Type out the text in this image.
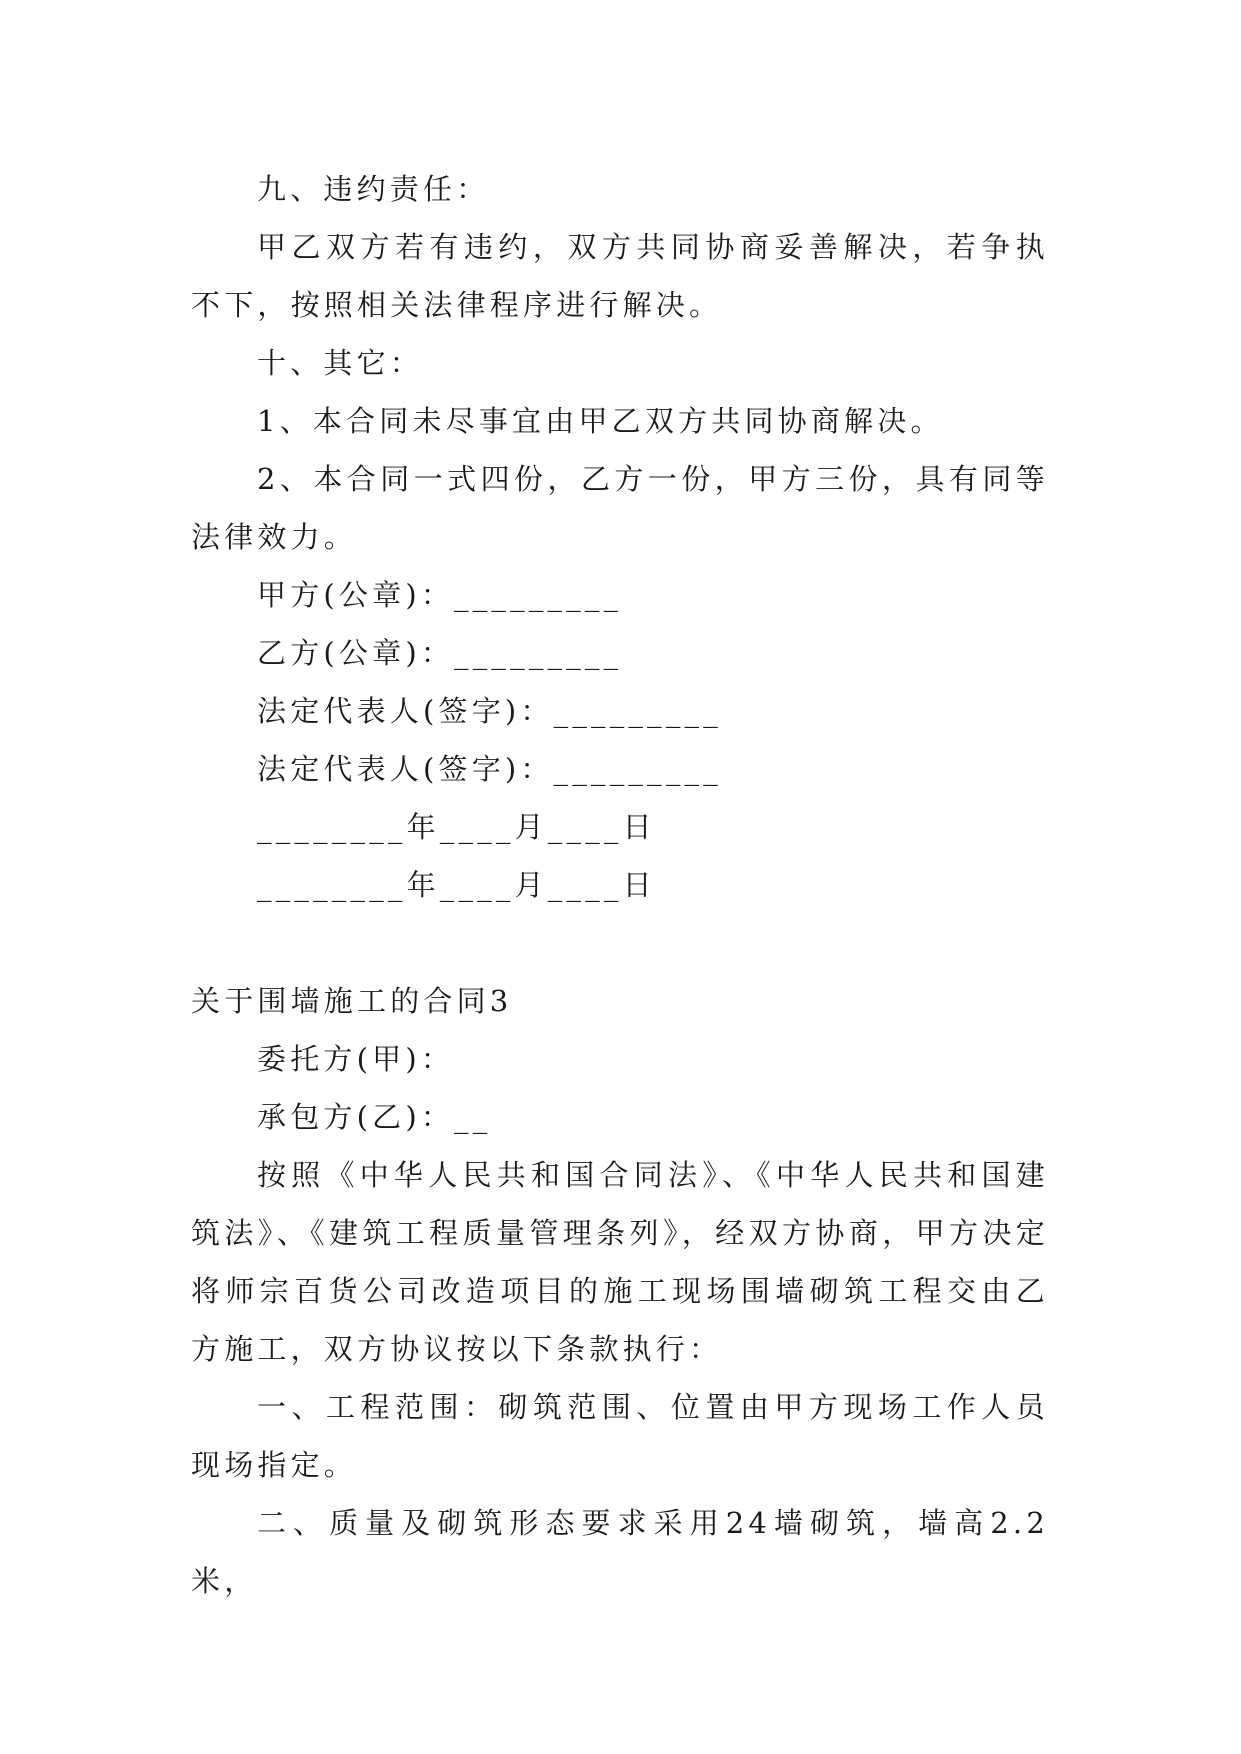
九、违约责任：

甲乙双方若有违约，双方共同协商妥善解决，若争执不下，按照相关法律程序进行解决。

十、其它：

1、本合同未尽事宜由甲乙双方共同协商解决。

2、本合同一式四份，乙方一份，甲方三份，具有同等法律效力。

甲方(公章)：_________

乙方(公章)：_________

法定代表人(签字)：_________

法定代表人(签字)：_________

________年____月____日

________年____月____日

关于围墙施工的合同3

委托方(甲)：

承包方(乙)：__

按照《中华人民共和国合同法》、《中华人民共和国建筑法》、《建筑工程质量管理条列》，经双方协商，甲方决定将师宗百货公司改造项目的施工现场围墙砌筑工程交由乙方施工，双方协议按以下条款执行：

一、工程范围：砌筑范围、位置由甲方现场工作人员现场指定。

二、质量及砌筑形态要求采用24墙砌筑，墙高2.2米，
